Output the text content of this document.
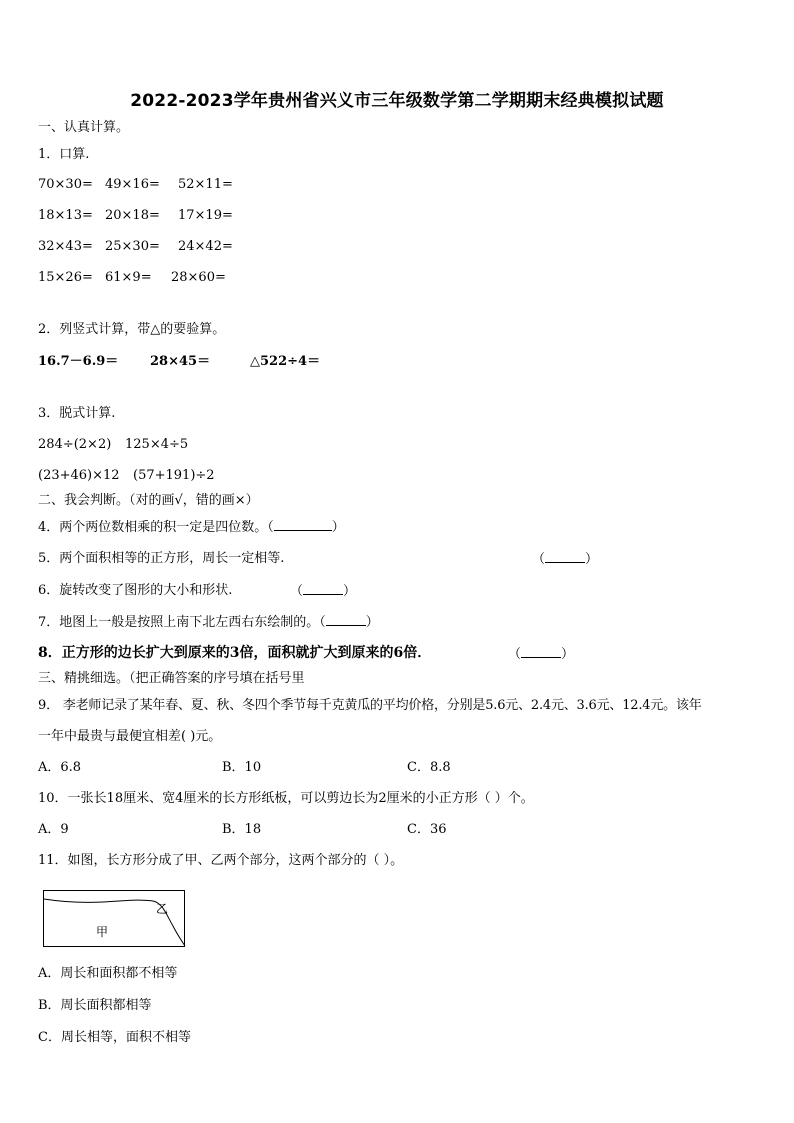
2022-2023学年贵州省兴义市三年级数学第二学期期末经典模拟试题
一、认真计算。
1．口算.
70×30= 49×16= 52×11=
18×13= 20×18= 17×19=
32×43= 25×30= 24×42=
15×26= 61×9= 28×60=
2．列竖式计算，带△的要验算。
16.7－6.9＝ 28×45＝	△522÷4＝
3．脱式计算.
284÷(2×2) 125×4÷5
(23+46)×12 (57+191)÷2
二、我会判断。（对的画√，错的画×）
4．两个两位数相乘的积一定是四位数。（	）
5．两个面积相等的正方形，周长一定相等.	（	）
6．旋转改变了图形的大小和形状.	（	）
7．地图上一般是按照上南下北左西右东绘制的。（	）
8．正方形的边长扩大到原来的3倍，面积就扩大到原来的6倍．	（	）
三、精挑细选。（把正确答案的序号填在括号里
9． 李老师记录了某年春、夏、秋、冬四个季节每千克黄瓜的平均价格，分别是5.6元、2.4元、3.6元、12.4元。该年
一年中最贵与最便宜相差( )元。
A．6.8	B．10	C．8.8
10．一张长18厘米、宽4厘米的长方形纸板，可以剪边长为2厘米的小正方形（ ）个。
A．9	B．18	C．36
11．如图，长方形分成了甲、乙两个部分，这两个部分的（ ）。
甲
乙
A．周长和面积都不相等
B．周长面积都相等
C．周长相等，面积不相等
